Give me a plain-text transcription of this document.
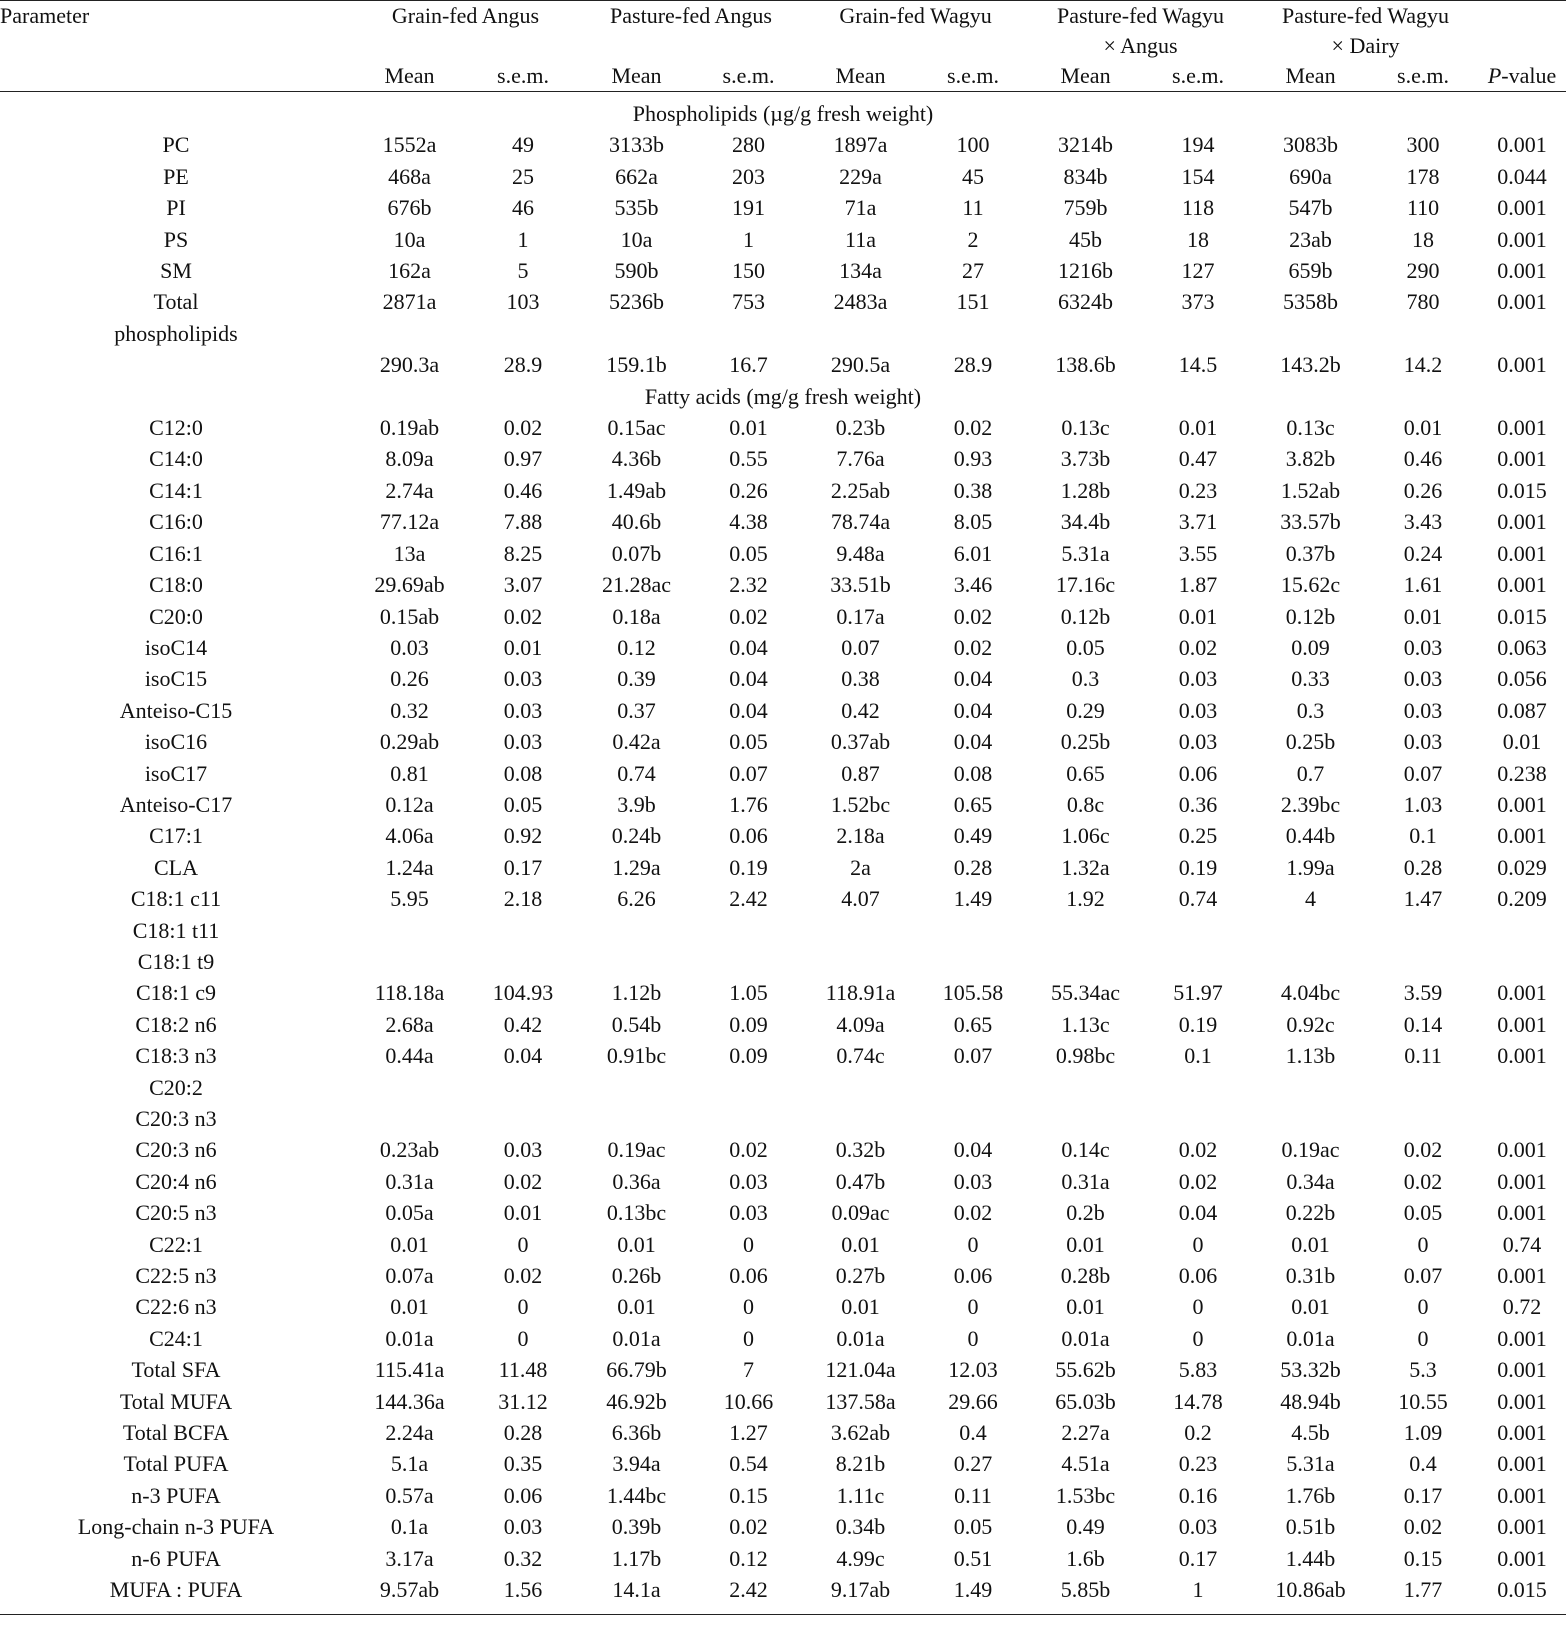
Parameter	Grain-fed Angus		Pasture-fed Angus		Grain-fed Wagyu		Pasture-fed Wagyu		Pasture-fed Wagyu		
							× Angus		× Dairy		
	Mean	s.e.m.	Mean	s.e.m.	Mean	s.e.m.	Mean	s.e.m.	Mean	s.e.m.	P-value
Phospholipids (µg/g fresh weight)											
PC	1552a	49	3133b	280	1897a	100	3214b	194	3083b	300	0.001
PE	468a	25	662a	203	229a	45	834b	154	690a	178	0.044
PI	676b	46	535b	191	71a	11	759b	118	547b	110	0.001
PS	10a	1	10a	1	11a	2	45b	18	23ab	18	0.001
SM	162a	5	590b	150	134a	27	1216b	127	659b	290	0.001
Total	2871a	103	5236b	753	2483a	151	6324b	373	5358b	780	0.001
phospholipids											
	290.3a	28.9	159.1b	16.7	290.5a	28.9	138.6b	14.5	143.2b	14.2	0.001
Fatty acids (mg/g fresh weight)											
C12:0	0.19ab	0.02	0.15ac	0.01	0.23b	0.02	0.13c	0.01	0.13c	0.01	0.001
C14:0	8.09a	0.97	4.36b	0.55	7.76a	0.93	3.73b	0.47	3.82b	0.46	0.001
C14:1	2.74a	0.46	1.49ab	0.26	2.25ab	0.38	1.28b	0.23	1.52ab	0.26	0.015
C16:0	77.12a	7.88	40.6b	4.38	78.74a	8.05	34.4b	3.71	33.57b	3.43	0.001
C16:1	13a	8.25	0.07b	0.05	9.48a	6.01	5.31a	3.55	0.37b	0.24	0.001
C18:0	29.69ab	3.07	21.28ac	2.32	33.51b	3.46	17.16c	1.87	15.62c	1.61	0.001
C20:0	0.15ab	0.02	0.18a	0.02	0.17a	0.02	0.12b	0.01	0.12b	0.01	0.015
isoC14	0.03	0.01	0.12	0.04	0.07	0.02	0.05	0.02	0.09	0.03	0.063
isoC15	0.26	0.03	0.39	0.04	0.38	0.04	0.3	0.03	0.33	0.03	0.056
Anteiso-C15	0.32	0.03	0.37	0.04	0.42	0.04	0.29	0.03	0.3	0.03	0.087
isoC16	0.29ab	0.03	0.42a	0.05	0.37ab	0.04	0.25b	0.03	0.25b	0.03	0.01
isoC17	0.81	0.08	0.74	0.07	0.87	0.08	0.65	0.06	0.7	0.07	0.238
Anteiso-C17	0.12a	0.05	3.9b	1.76	1.52bc	0.65	0.8c	0.36	2.39bc	1.03	0.001
C17:1	4.06a	0.92	0.24b	0.06	2.18a	0.49	1.06c	0.25	0.44b	0.1	0.001
CLA	1.24a	0.17	1.29a	0.19	2a	0.28	1.32a	0.19	1.99a	0.28	0.029
C18:1 c11	5.95	2.18	6.26	2.42	4.07	1.49	1.92	0.74	4	1.47	0.209
C18:1 t11											
C18:1 t9											
C18:1 c9	118.18a	104.93	1.12b	1.05	118.91a	105.58	55.34ac	51.97	4.04bc	3.59	0.001
C18:2 n6	2.68a	0.42	0.54b	0.09	4.09a	0.65	1.13c	0.19	0.92c	0.14	0.001
C18:3 n3	0.44a	0.04	0.91bc	0.09	0.74c	0.07	0.98bc	0.1	1.13b	0.11	0.001
C20:2											
C20:3 n3											
C20:3 n6	0.23ab	0.03	0.19ac	0.02	0.32b	0.04	0.14c	0.02	0.19ac	0.02	0.001
C20:4 n6	0.31a	0.02	0.36a	0.03	0.47b	0.03	0.31a	0.02	0.34a	0.02	0.001
C20:5 n3	0.05a	0.01	0.13bc	0.03	0.09ac	0.02	0.2b	0.04	0.22b	0.05	0.001
C22:1	0.01	0	0.01	0	0.01	0	0.01	0	0.01	0	0.74
C22:5 n3	0.07a	0.02	0.26b	0.06	0.27b	0.06	0.28b	0.06	0.31b	0.07	0.001
C22:6 n3	0.01	0	0.01	0	0.01	0	0.01	0	0.01	0	0.72
C24:1	0.01a	0	0.01a	0	0.01a	0	0.01a	0	0.01a	0	0.001
Total SFA	115.41a	11.48	66.79b	7	121.04a	12.03	55.62b	5.83	53.32b	5.3	0.001
Total MUFA	144.36a	31.12	46.92b	10.66	137.58a	29.66	65.03b	14.78	48.94b	10.55	0.001
Total BCFA	2.24a	0.28	6.36b	1.27	3.62ab	0.4	2.27a	0.2	4.5b	1.09	0.001
Total PUFA	5.1a	0.35	3.94a	0.54	8.21b	0.27	4.51a	0.23	5.31a	0.4	0.001
n-3 PUFA	0.57a	0.06	1.44bc	0.15	1.11c	0.11	1.53bc	0.16	1.76b	0.17	0.001
Long-chain n-3 PUFA	0.1a	0.03	0.39b	0.02	0.34b	0.05	0.49	0.03	0.51b	0.02	0.001
n-6 PUFA	3.17a	0.32	1.17b	0.12	4.99c	0.51	1.6b	0.17	1.44b	0.15	0.001
MUFA : PUFA	9.57ab	1.56	14.1a	2.42	9.17ab	1.49	5.85b	1	10.86ab	1.77	0.015
